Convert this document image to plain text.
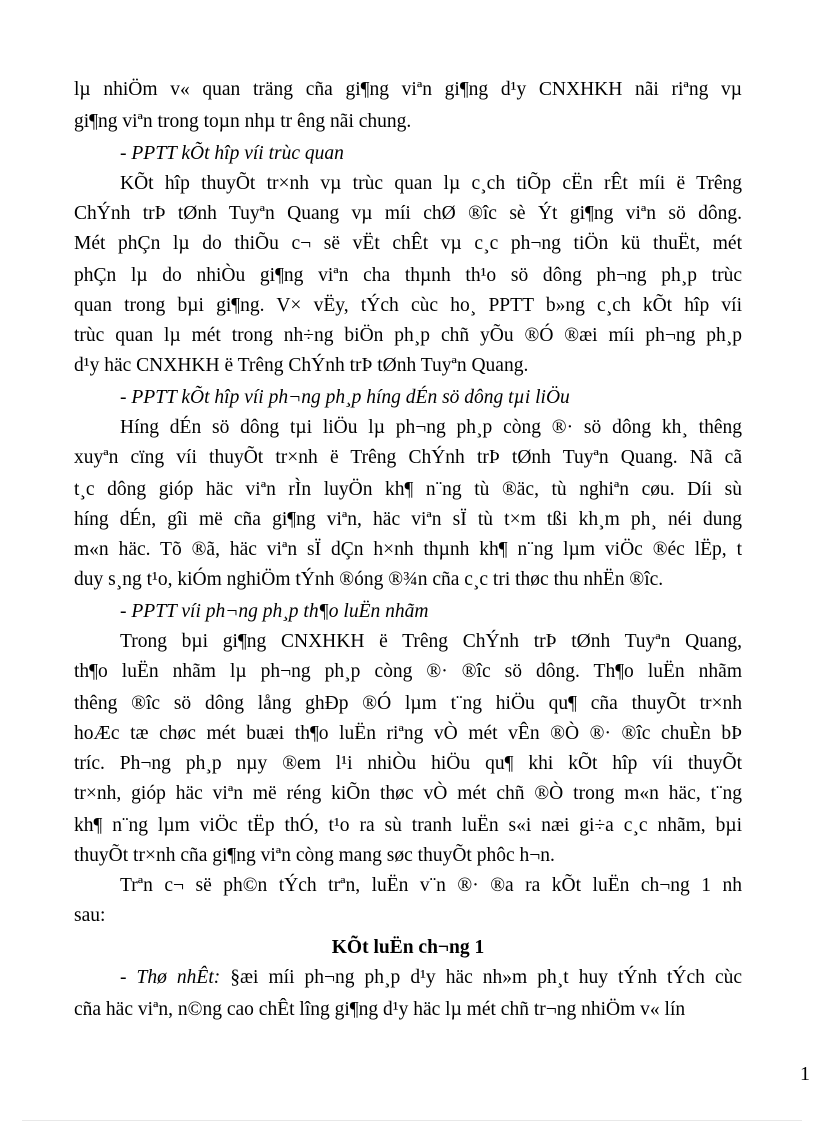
lµ nhiÖm v« quan träng cña gi¶ng viªn gi¶ng d¹y CNXHKH nãi riªng vµ
gi¶ng viªn trong toµn nhµ tr êng nãi chung.
- PPTT kÕt hîp víi trùc quan
KÕt hîp thuyÕt tr×nh vµ trùc quan lµ c¸ch tiÕp cËn rÊt míi ë Trêng
ChÝnh trÞ tØnh Tuyªn Quang vµ míi chØ ®îc sè Ýt gi¶ng viªn sö dông.
Mét phÇn lµ do thiÕu c¬ së vËt chÊt vµ c¸c ph¬ng tiÖn kü thuËt, mét
phÇn lµ do nhiÒu gi¶ng viªn cha thµnh th¹o sö dông ph¬ng ph¸p trùc
quan trong bµi gi¶ng. V× vËy, tÝch cùc ho¸ PPTT b»ng c¸ch kÕt hîp víi
trùc quan lµ mét trong nh÷ng biÖn ph¸p chñ yÕu ®Ó ®æi míi ph¬ng ph¸p
d¹y häc CNXHKH ë Trêng ChÝnh trÞ tØnh Tuyªn Quang.
- PPTT kÕt hîp víi ph¬ng ph¸p híng dÉn sö dông tµi liÖu
Híng dÉn sö dông tµi liÖu lµ ph¬ng ph¸p còng ®· sö dông kh¸ thêng
xuyªn cïng víi thuyÕt tr×nh ë Trêng ChÝnh trÞ tØnh Tuyªn Quang. Nã cã
t¸c dông gióp häc viªn rÌn luyÖn kh¶ n¨ng tù ®äc, tù nghiªn cøu. Díi sù
híng dÉn, gîi më cña gi¶ng viªn, häc viªn sÏ tù t×m tßi kh¸m ph¸ néi dung
m«n häc. Tõ ®ã, häc viªn sÏ dÇn h×nh thµnh kh¶ n¨ng lµm viÖc ®éc lËp, t
duy s¸ng t¹o, kiÓm nghiÖm tÝnh ®óng ®¾n cña c¸c tri thøc thu nhËn ®îc.
- PPTT víi ph¬ng ph¸p th¶o luËn nhãm
Trong bµi gi¶ng CNXHKH ë Trêng ChÝnh trÞ tØnh Tuyªn Quang,
th¶o luËn nhãm lµ ph¬ng ph¸p còng ®· ®îc sö dông. Th¶o luËn nhãm
thêng ®îc sö dông lång ghÐp ®Ó lµm t¨ng hiÖu qu¶ cña thuyÕt tr×nh
hoÆc tæ chøc mét buæi th¶o luËn riªng vÒ mét vÊn ®Ò ®· ®îc chuÈn bÞ
tríc. Ph¬ng ph¸p nµy ®em l¹i nhiÒu hiÖu qu¶ khi kÕt hîp víi thuyÕt
tr×nh, gióp häc viªn më réng kiÕn thøc vÒ mét chñ ®Ò trong m«n häc, t¨ng
kh¶ n¨ng lµm viÖc tËp thÓ, t¹o ra sù tranh luËn s«i næi gi÷a c¸c nhãm, bµi
thuyÕt tr×nh cña gi¶ng viªn còng mang søc thuyÕt phôc h¬n.
Trªn c¬ së ph©n tÝch trªn, luËn v¨n ®· ®a ra kÕt luËn ch¬ng 1 nh
sau:
KÕt luËn ch¬ng 1
- Thø nhÊt: §æi míi ph¬ng ph¸p d¹y häc nh»m ph¸t huy tÝnh tÝch cùc
cña häc viªn, n©ng cao chÊt lîng gi¶ng d¹y häc lµ mét chñ tr¬ng nhiÖm v« lín
1
